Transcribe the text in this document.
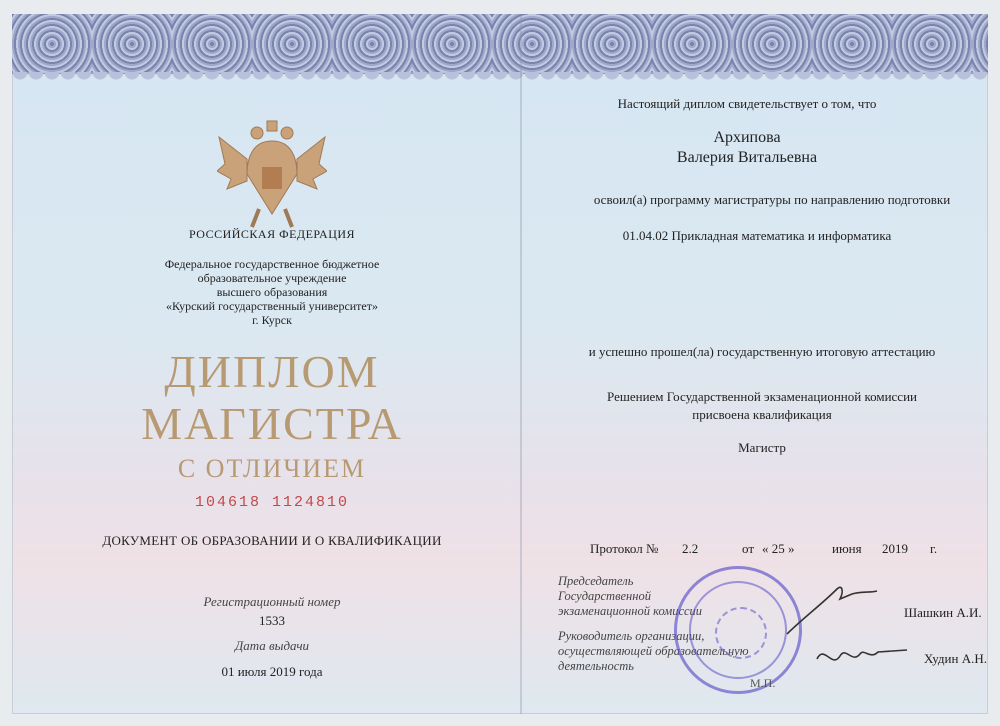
РОССИЙСКАЯ ФЕДЕРАЦИЯ
Федеральное государственное бюджетное
образовательное учреждение
высшего образования
«Курский государственный университет»
г. Курск
ДИПЛОМ
МАГИСТРА
С ОТЛИЧИЕМ
104618 1124810
ДОКУМЕНТ ОБ ОБРАЗОВАНИИ И О КВАЛИФИКАЦИИ
Регистрационный номер
1533
Дата выдачи
01 июля 2019 года
Настоящий диплом свидетельствует о том, что
Архипова
Валерия Витальевна
освоил(а) программу магистратуры по направлению подготовки
01.04.02 Прикладная математика и информатика
и успешно прошел(ла) государственную итоговую аттестацию
Решением Государственной экзаменационной комиссии
присвоена квалификация
Магистр
Протокол № 2.2	от « 25 »	июня 2019 г.
Председатель
Государственной
экзаменационной комиссии	Шашкин А.И.
Руководитель организации,
осуществляющей образовательную
деятельность	Худин А.Н.
М.П.
